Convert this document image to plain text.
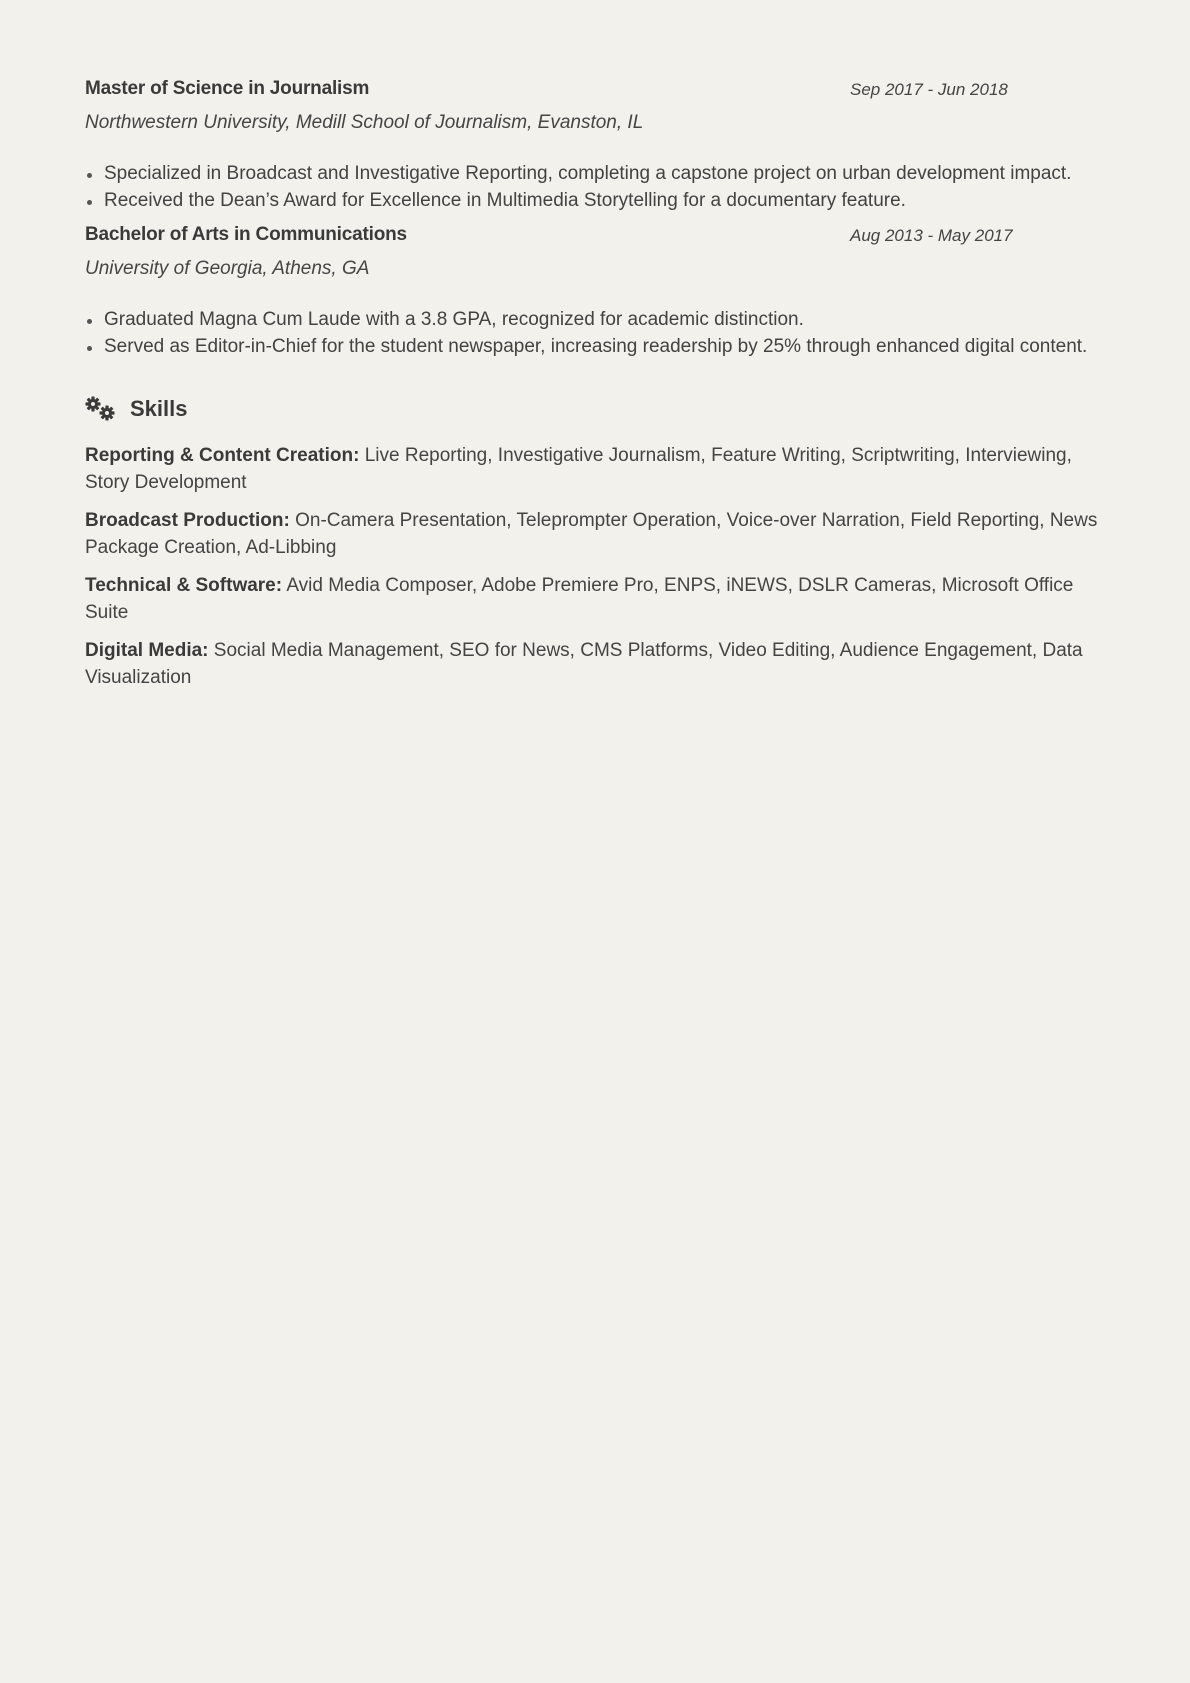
Master of Science in Journalism	Sep 2017 - Jun 2018
Northwestern University, Medill School of Journalism, Evanston, IL
Specialized in Broadcast and Investigative Reporting, completing a capstone project on urban development impact.
Received the Dean’s Award for Excellence in Multimedia Storytelling for a documentary feature.
Bachelor of Arts in Communications	Aug 2013 - May 2017
University of Georgia, Athens, GA
Graduated Magna Cum Laude with a 3.8 GPA, recognized for academic distinction.
Served as Editor-in-Chief for the student newspaper, increasing readership by 25% through enhanced digital content.
Skills
Reporting & Content Creation: Live Reporting, Investigative Journalism, Feature Writing, Scriptwriting, Interviewing, Story Development
Broadcast Production: On-Camera Presentation, Teleprompter Operation, Voice-over Narration, Field Reporting, News Package Creation, Ad-Libbing
Technical & Software: Avid Media Composer, Adobe Premiere Pro, ENPS, iNEWS, DSLR Cameras, Microsoft Office Suite
Digital Media: Social Media Management, SEO for News, CMS Platforms, Video Editing, Audience Engagement, Data Visualization
